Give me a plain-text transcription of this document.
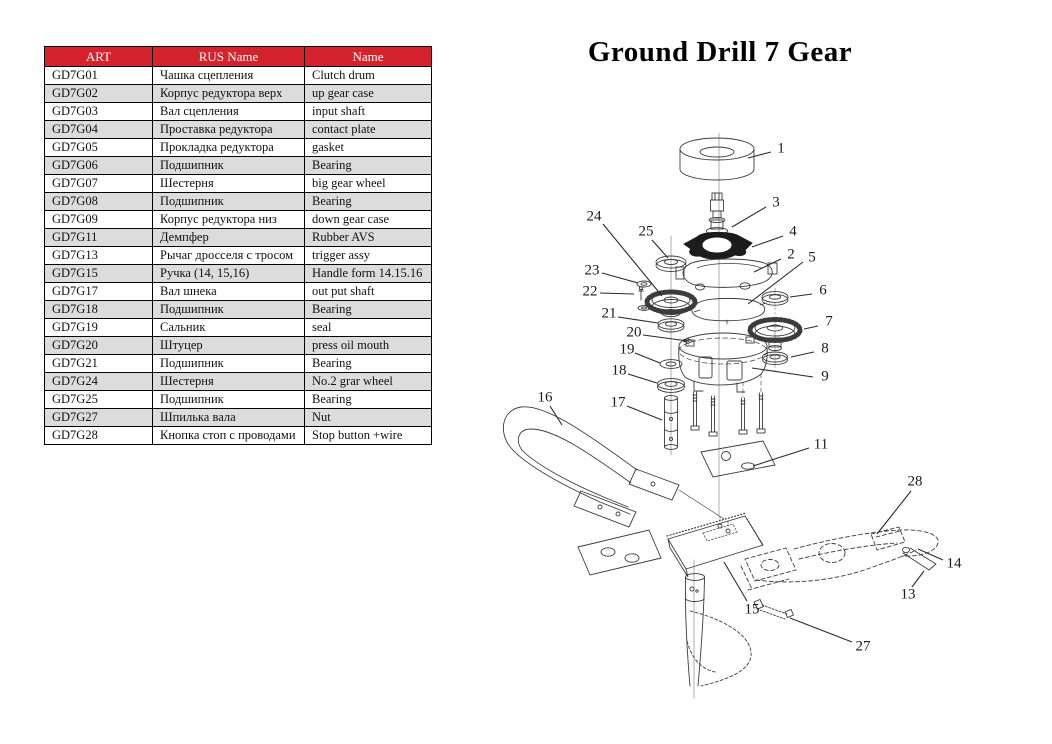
ART	RUS Name	Name
GD7G01	Чашка сцепления	Clutch drum
GD7G02	Корпус редуктора верх	up gear case
GD7G03	Вал сцепления	input shaft
GD7G04	Проставка редуктора	contact plate
GD7G05	Прокладка редуктора	gasket
GD7G06	Подшипник	Bearing
GD7G07	Шестерня	big gear wheel
GD7G08	Подшипник	Bearing
GD7G09	Корпус редуктора низ	down gear case
GD7G11	Демпфер	Rubber AVS
GD7G13	Рычаг дросселя с тросом	trigger assy
GD7G15	Ручка (14, 15,16)	Handle form 14.15.16
GD7G17	Вал шнека	out put shaft
GD7G18	Подшипник	Bearing
GD7G19	Сальник	seal
GD7G20	Штуцер	press oil mouth
GD7G21	Подшипник	Bearing
GD7G24	Шестерня	No.2 grar wheel
GD7G25	Подшипник	Bearing
GD7G27	Шпилька вала	Nut
GD7G28	Кнопка стоп с проводами	Stop button +wire
Ground Drill 7 Gear
1
3
4
2 5
6
7
8
9
11
24
25
23
22
21
20
19
18
17
16
28
14
13
15
27
